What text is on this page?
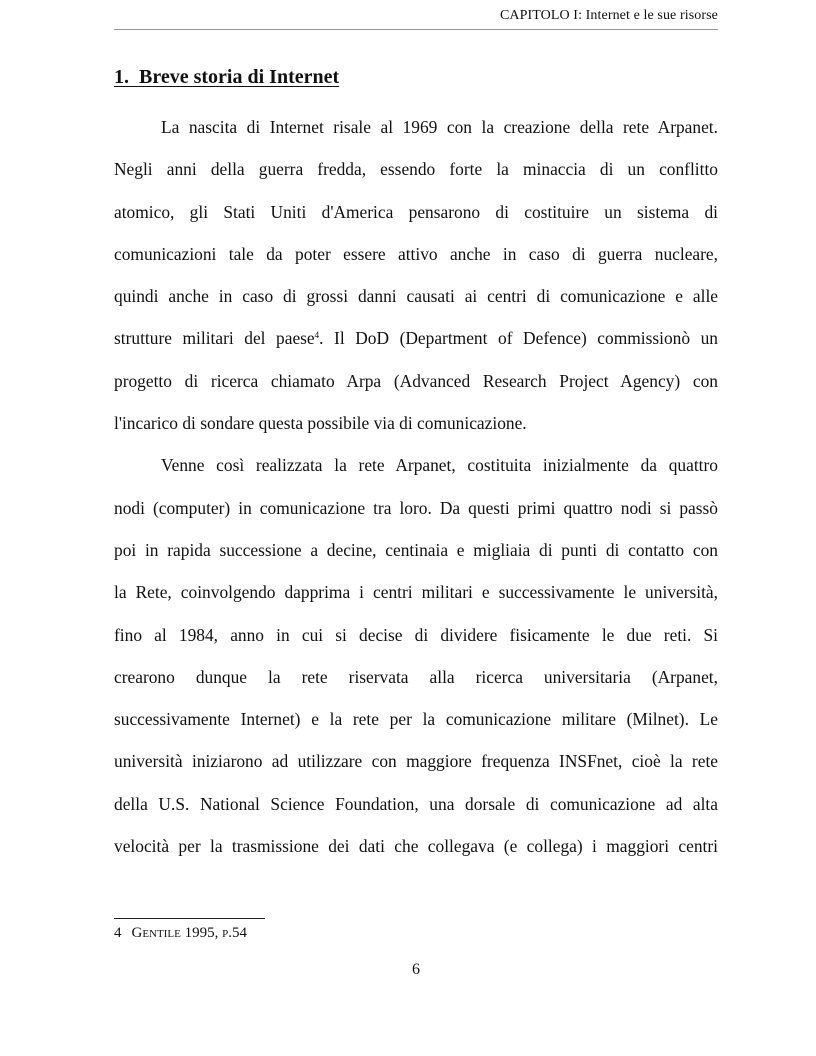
CAPITOLO I: Internet e le sue risorse
1.  Breve storia di Internet
La nascita di Internet risale al 1969 con la creazione della rete Arpanet.
Negli anni della guerra fredda, essendo forte la minaccia di un conflitto
atomico, gli Stati Uniti d'America pensarono di costituire un sistema di
comunicazioni tale da poter essere attivo anche in caso di guerra nucleare,
quindi anche in caso di grossi danni causati ai centri di comunicazione e alle
strutture militari del paese$^4$. Il DoD (Department of Defence) commissionò un
progetto di ricerca chiamato Arpa (Advanced Research Project Agency) con
l'incarico di sondare questa possibile via di comunicazione.
Venne così realizzata la rete Arpanet, costituita inizialmente da quattro
nodi (computer) in comunicazione tra loro. Da questi primi quattro nodi si passò
poi in rapida successione a decine, centinaia e migliaia di punti di contatto con
la Rete, coinvolgendo dapprima i centri militari e successivamente le università,
fino al 1984, anno in cui si decise di dividere fisicamente le due reti. Si
crearono dunque la rete riservata alla ricerca universitaria (Arpanet,
successivamente Internet) e la rete per la comunicazione militare (Milnet). Le
università iniziarono ad utilizzare con maggiore frequenza INSFnet, cioè la rete
della U.S. National Science Foundation, una dorsale di comunicazione ad alta
velocità per la trasmissione dei dati che collegava (e collega) i maggiori centri
4 Gentile 1995, p.54
6
